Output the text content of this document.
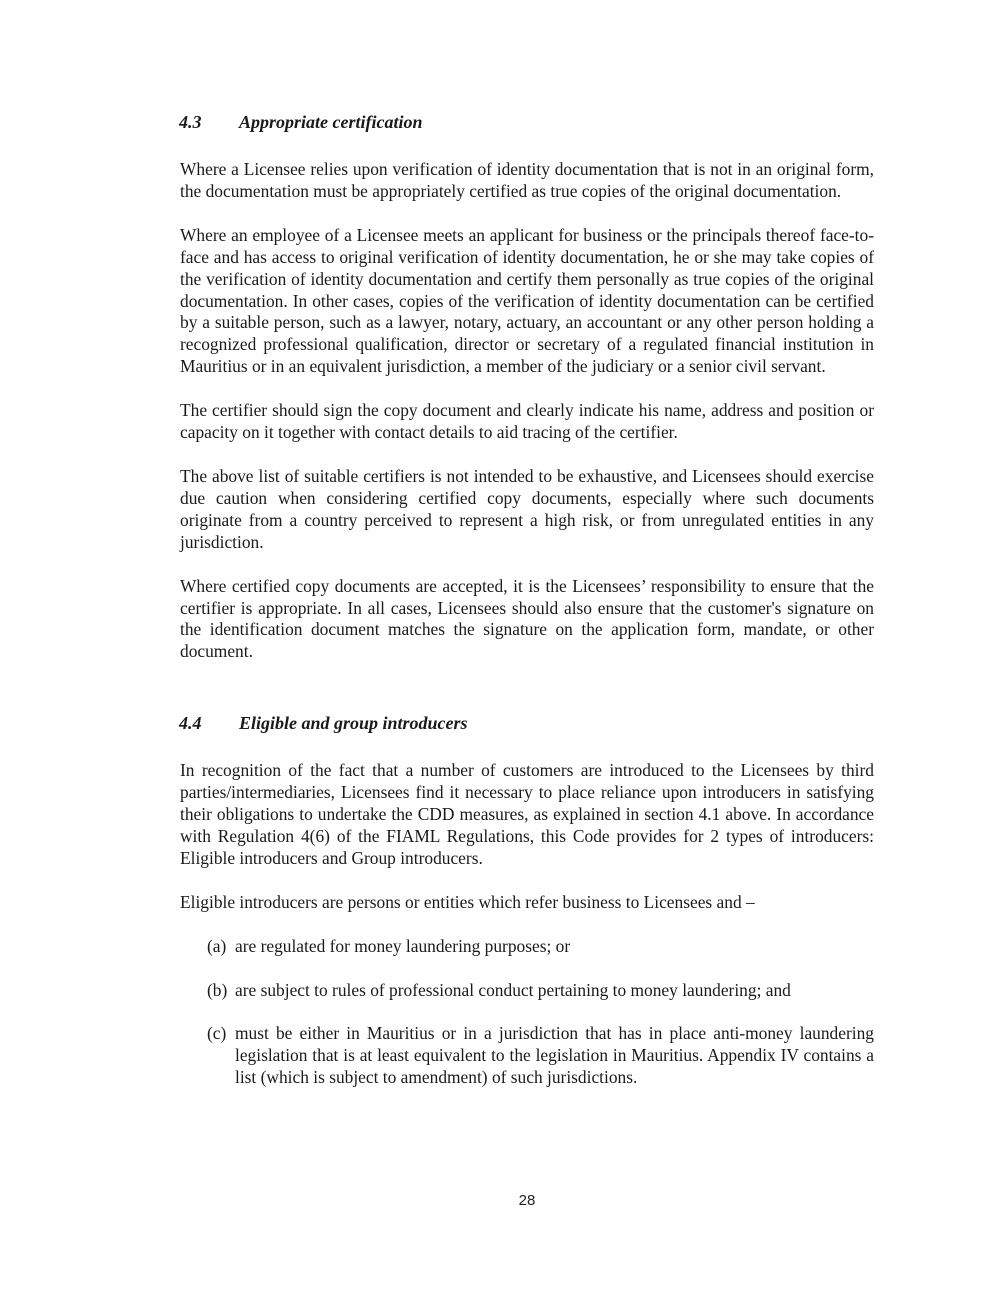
4.3 Appropriate certification

Where a Licensee relies upon verification of identity documentation that is not in an original form, the documentation must be appropriately certified as true copies of the original documentation.

Where an employee of a Licensee meets an applicant for business or the principals thereof face-to-face and has access to original verification of identity documentation, he or she may take copies of the verification of identity documentation and certify them personally as true copies of the original documentation. In other cases, copies of the verification of identity documentation can be certified by a suitable person, such as a lawyer, notary, actuary, an accountant or any other person holding a recognized professional qualification, director or secretary of a regulated financial institution in Mauritius or in an equivalent jurisdiction, a member of the judiciary or a senior civil servant.

The certifier should sign the copy document and clearly indicate his name, address and position or capacity on it together with contact details to aid tracing of the certifier.

The above list of suitable certifiers is not intended to be exhaustive, and Licensees should exercise due caution when considering certified copy documents, especially where such documents originate from a country perceived to represent a high risk, or from unregulated entities in any jurisdiction.

Where certified copy documents are accepted, it is the Licensees’ responsibility to ensure that the certifier is appropriate. In all cases, Licensees should also ensure that the customer's signature on the identification document matches the signature on the application form, mandate, or other document.

4.4 Eligible and group introducers

In recognition of the fact that a number of customers are introduced to the Licensees by third parties/intermediaries, Licensees find it necessary to place reliance upon introducers in satisfying their obligations to undertake the CDD measures, as explained in section 4.1 above. In accordance with Regulation 4(6) of the FIAML Regulations, this Code provides for 2 types of introducers: Eligible introducers and Group introducers.

Eligible introducers are persons or entities which refer business to Licensees and –

(a) are regulated for money laundering purposes; or
(b) are subject to rules of professional conduct pertaining to money laundering; and
(c) must be either in Mauritius or in a jurisdiction that has in place anti-money laundering legislation that is at least equivalent to the legislation in Mauritius. Appendix IV contains a list (which is subject to amendment) of such jurisdictions.
28
